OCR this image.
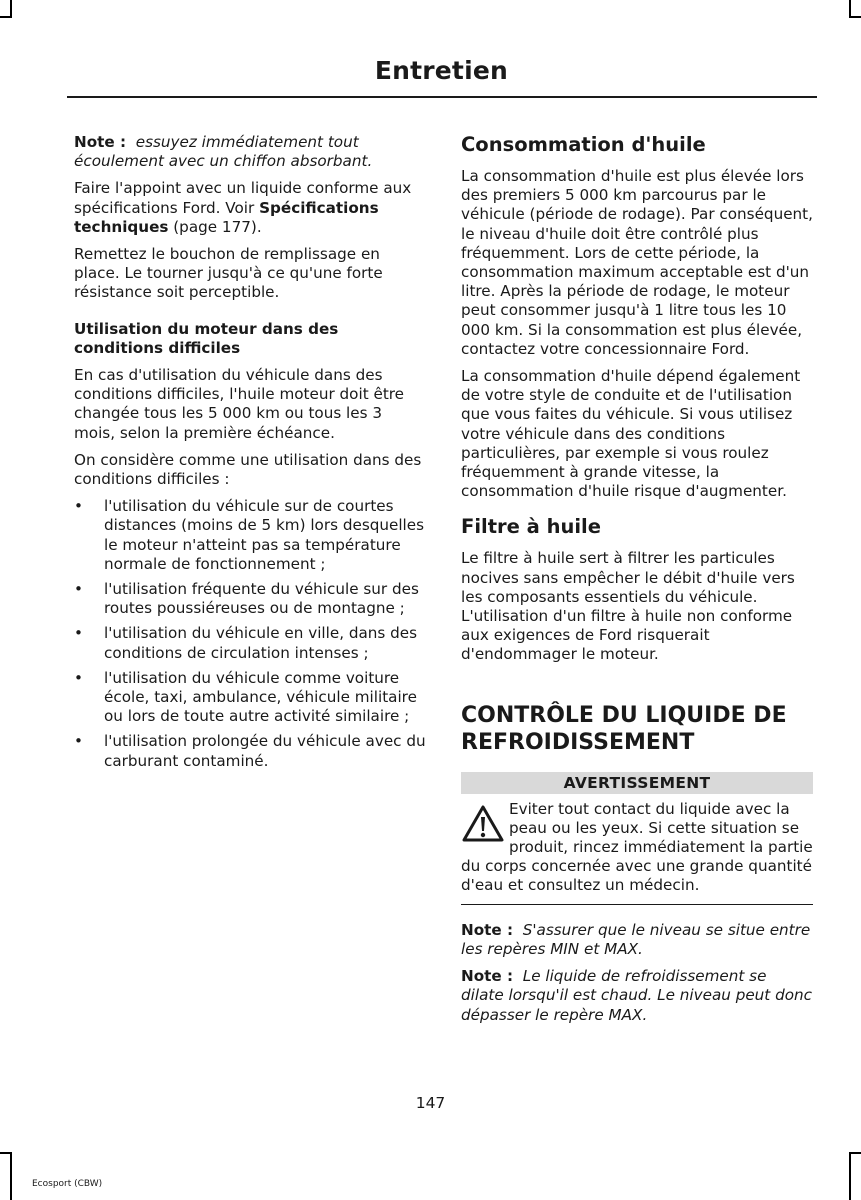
Entretien

Note : essuyez immédiatement tout écoulement avec un chiffon absorbant.

Faire l'appoint avec un liquide conforme aux spécifications Ford. Voir Spécifications techniques (page 177).

Remettez le bouchon de remplissage en place. Le tourner jusqu'à ce qu'une forte résistance soit perceptible.

Utilisation du moteur dans des conditions difficiles

En cas d'utilisation du véhicule dans des conditions difficiles, l'huile moteur doit être changée tous les 5 000 km ou tous les 3 mois, selon la première échéance.

On considère comme une utilisation dans des conditions difficiles :

• l'utilisation du véhicule sur de courtes distances (moins de 5 km) lors desquelles le moteur n'atteint pas sa température normale de fonctionnement ;
• l'utilisation fréquente du véhicule sur des routes poussiéreuses ou de montagne ;
• l'utilisation du véhicule en ville, dans des conditions de circulation intenses ;
• l'utilisation du véhicule comme voiture école, taxi, ambulance, véhicule militaire ou lors de toute autre activité similaire ;
• l'utilisation prolongée du véhicule avec du carburant contaminé.
Consommation d'huile

La consommation d'huile est plus élevée lors des premiers 5 000 km parcourus par le véhicule (période de rodage). Par conséquent, le niveau d'huile doit être contrôlé plus fréquemment. Lors de cette période, la consommation maximum acceptable est d'un litre. Après la période de rodage, le moteur peut consommer jusqu'à 1 litre tous les 10 000 km. Si la consommation est plus élevée, contactez votre concessionnaire Ford.

La consommation d'huile dépend également de votre style de conduite et de l'utilisation que vous faites du véhicule. Si vous utilisez votre véhicule dans des conditions particulières, par exemple si vous roulez fréquemment à grande vitesse, la consommation d'huile risque d'augmenter.

Filtre à huile

Le filtre à huile sert à filtrer les particules nocives sans empêcher le débit d'huile vers les composants essentiels du véhicule. L'utilisation d'un filtre à huile non conforme aux exigences de Ford risquerait d'endommager le moteur.

CONTRÔLE DU LIQUIDE DE REFROIDISSEMENT
AVERTISSEMENT
Eviter tout contact du liquide avec la peau ou les yeux. Si cette situation se produit, rincez immédiatement la partie du corps concernée avec une grande quantité d'eau et consultez un médecin.

Note : S'assurer que le niveau se situe entre les repères MIN et MAX.

Note : Le liquide de refroidissement se dilate lorsqu'il est chaud. Le niveau peut donc dépasser le repère MAX.

147
Ecosport (CBW)
